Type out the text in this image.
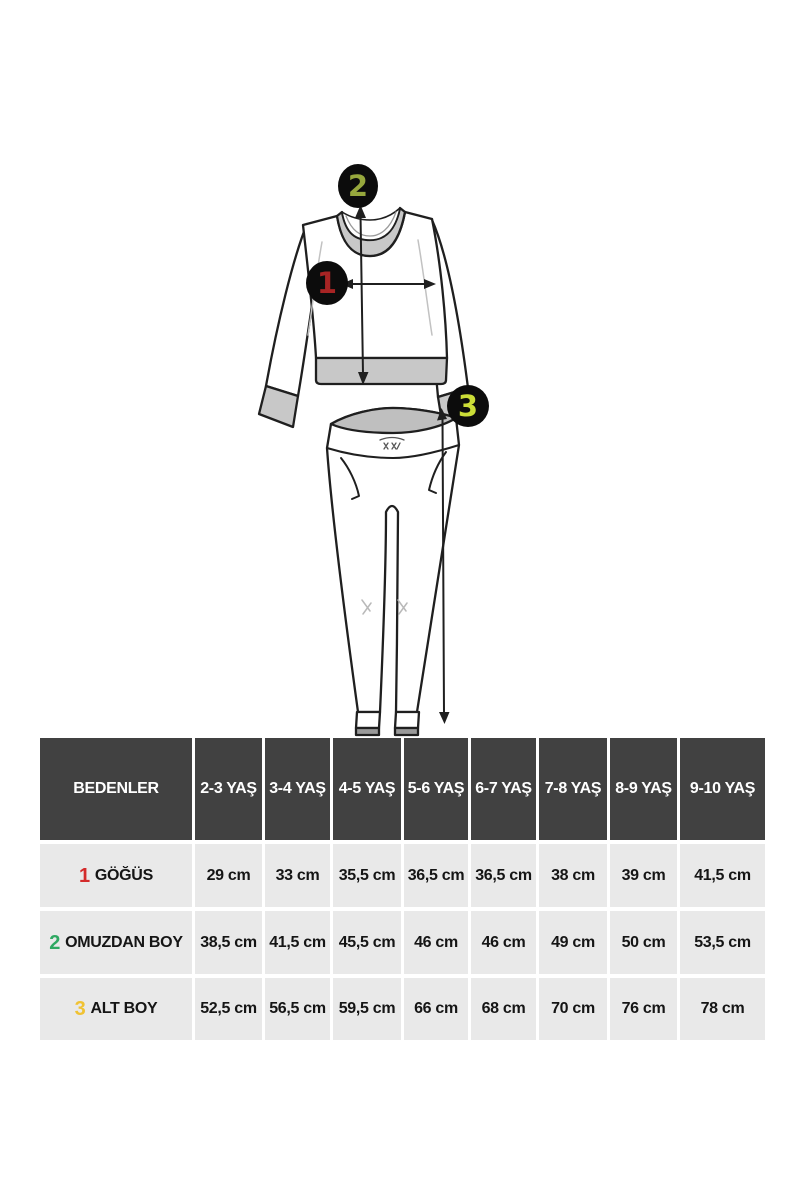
1
2
3
BEDENLER	2-3 YAŞ 3-4 YAŞ 4-5 YAŞ 5-6 YAŞ 6-7 YAŞ 7-8 YAŞ 8-9 YAŞ	9-10 YAŞ
1 GÖĞÜS	29 cm	33 cm	35,5 cm 36,5 cm 36,5 cm	38 cm	39 cm	41,5 cm
2 OMUZDAN BOY	38,5 cm 41,5 cm 45,5 cm	46 cm	46 cm	49 cm	50 cm	53,5 cm
3 ALT BOY	52,5 cm 56,5 cm 59,5 cm	66 cm	68 cm	70 cm	76 cm	78 cm
